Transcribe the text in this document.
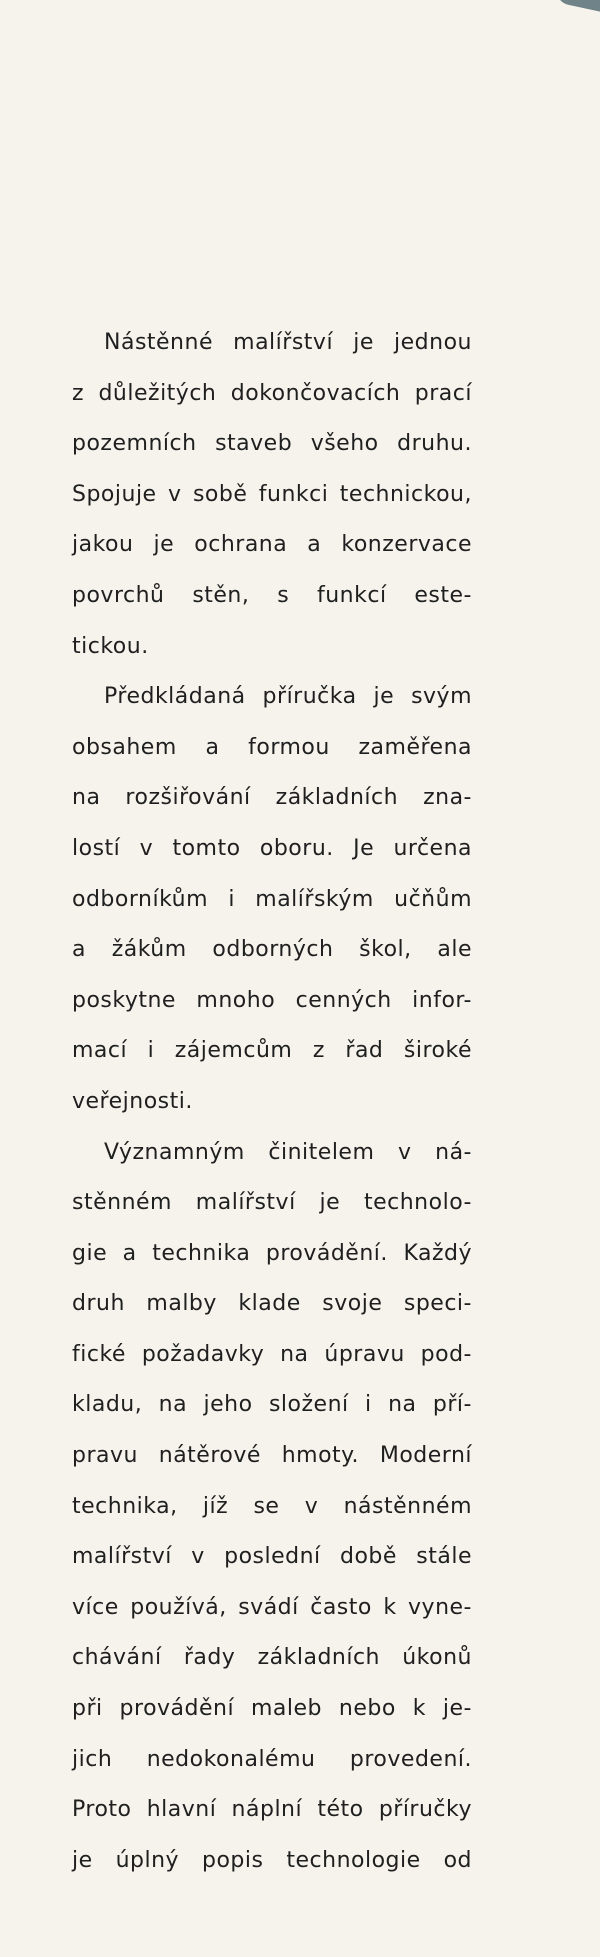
Nástěnné malířství je jednou
z důležitých dokončovacích prací
pozemních staveb všeho druhu.
Spojuje v sobě funkci technickou,
jakou je ochrana a konzervace
povrchů stěn, s funkcí este-
tickou.
Předkládaná příručka je svým
obsahem a formou zaměřena
na rozšiřování základních zna-
lostí v tomto oboru. Je určena
odborníkům i malířským učňům
a žákům odborných škol, ale
poskytne mnoho cenných infor-
mací i zájemcům z řad široké
veřejnosti.
Významným činitelem v ná-
stěnném malířství je technolo-
gie a technika provádění. Každý
druh malby klade svoje speci-
fické požadavky na úpravu pod-
kladu, na jeho složení i na pří-
pravu nátěrové hmoty. Moderní
technika, jíž se v nástěnném
malířství v poslední době stále
více používá, svádí často k vyne-
chávání řady základních úkonů
při provádění maleb nebo k je-
jich nedokonalému provedení.
Proto hlavní náplní této příručky
je úplný popis technologie od
